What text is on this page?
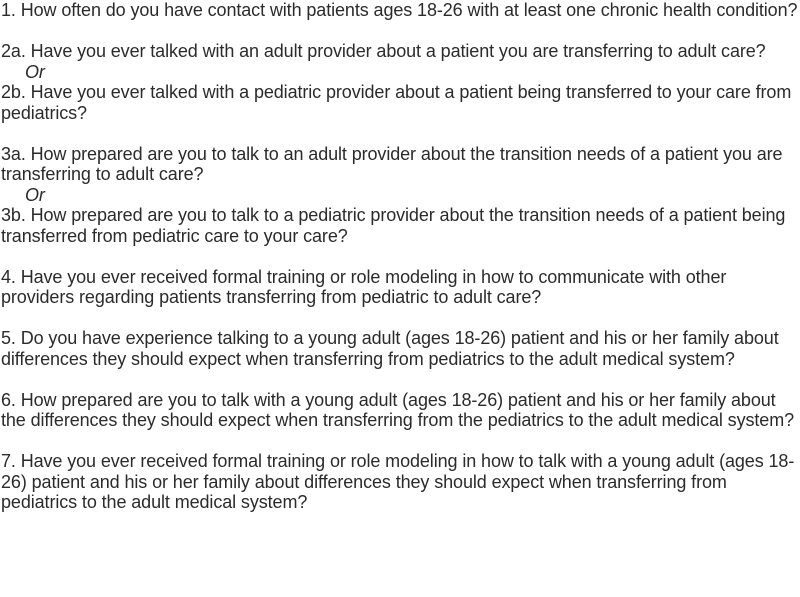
1. How often do you have contact with patients ages 18-26 with at least one chronic health condition?

2a. Have you ever talked with an adult provider about a patient you are transferring to adult care?

Or

2b. Have you ever talked with a pediatric provider about a patient being transferred to your care from pediatrics?

3a. How prepared are you to talk to an adult provider about the transition needs of a patient you are transferring to adult care?

Or

3b. How prepared are you to talk to a pediatric provider about the transition needs of a patient being transferred from pediatric care to your care?

4. Have you ever received formal training or role modeling in how to communicate with other providers regarding patients transferring from pediatric to adult care?

5. Do you have experience talking to a young adult (ages 18-26) patient and his or her family about differences they should expect when transferring from pediatrics to the adult medical system?

6. How prepared are you to talk with a young adult (ages 18-26) patient and his or her family about the differences they should expect when transferring from the pediatrics to the adult medical system?

7. Have you ever received formal training or role modeling in how to talk with a young adult (ages 18-26) patient and his or her family about differences they should expect when transferring from pediatrics to the adult medical system?
